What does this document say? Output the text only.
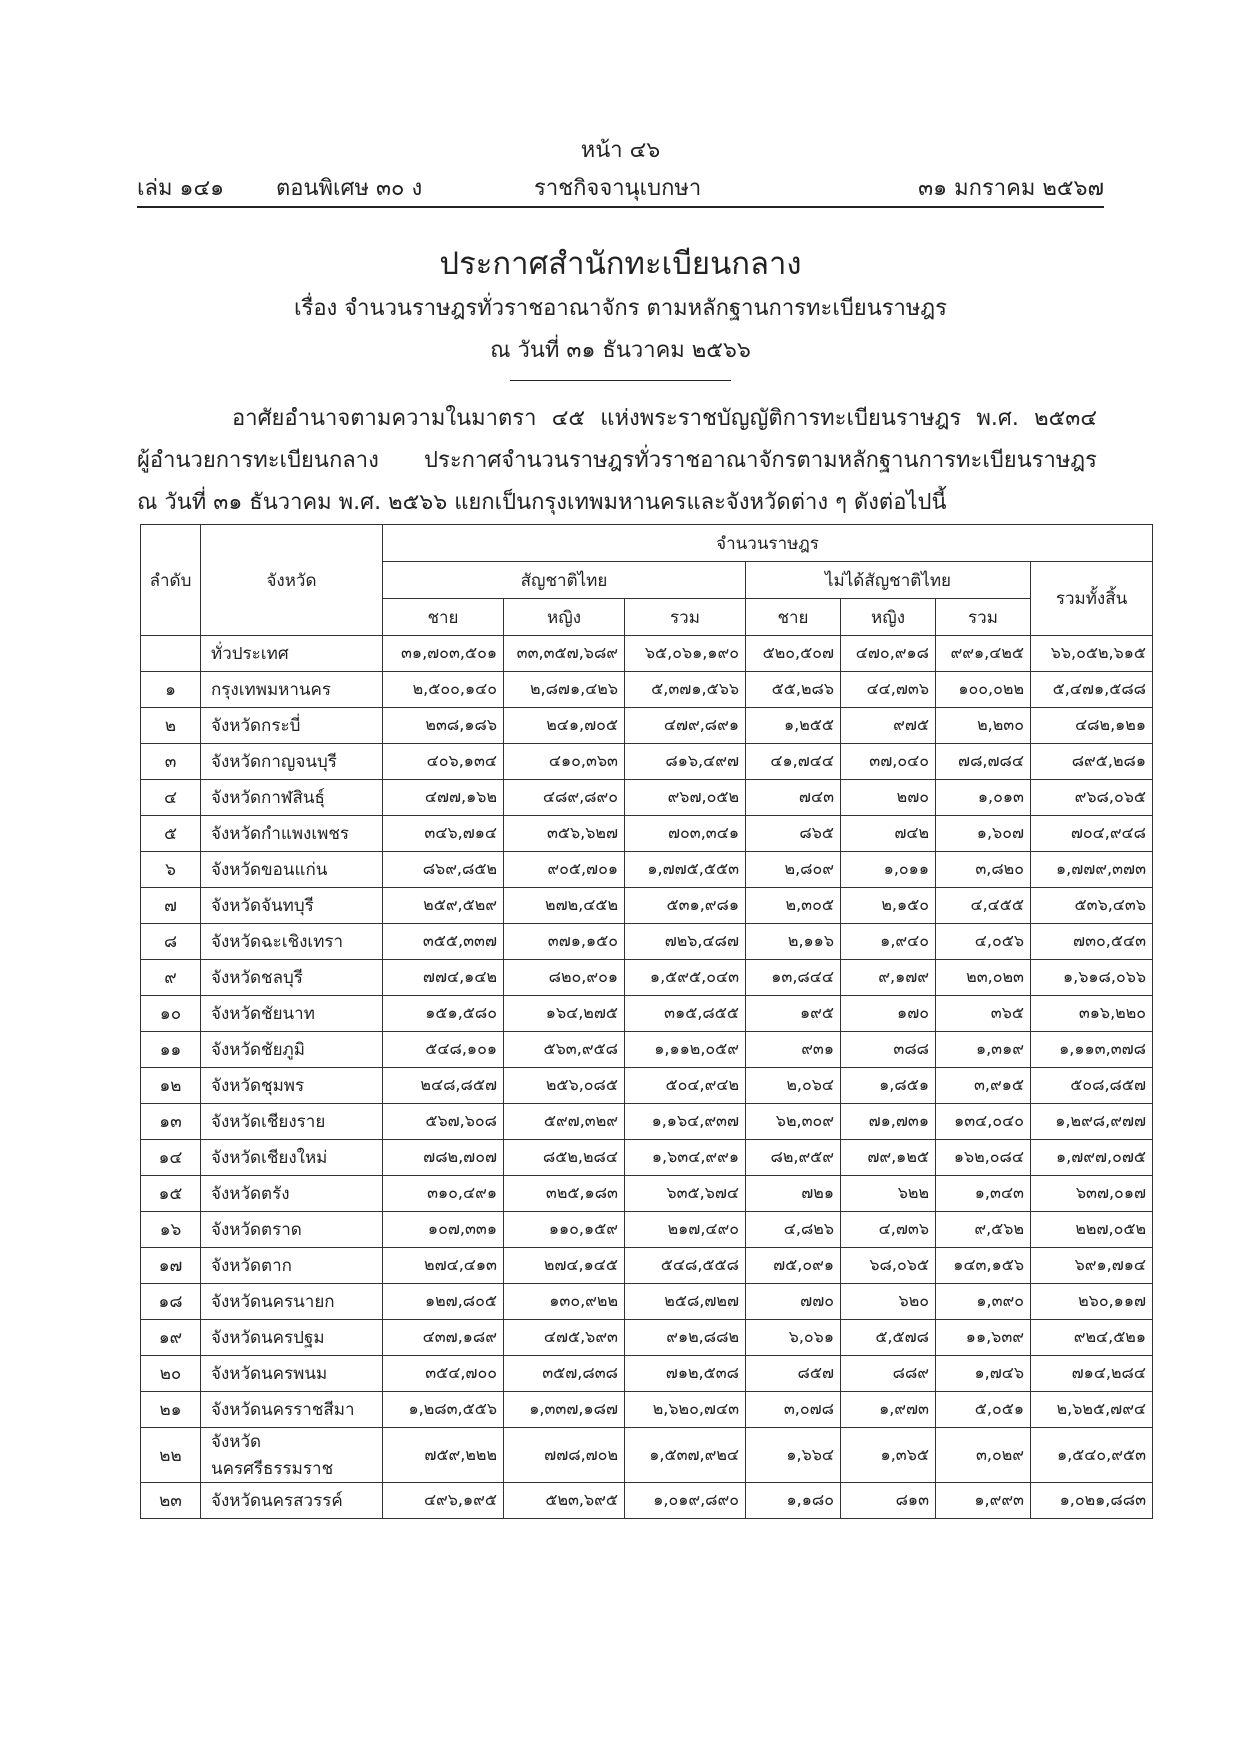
หน้า ๔๖
เล่ม ๑๔๑ ตอนพิเศษ ๓๐ ง	ราชกิจจานุเบกษา	๓๑ มกราคม ๒๕๖๗
ประกาศสำนักทะเบียนกลาง
เรื่อง จำนวนราษฎรทั่วราชอาณาจักร ตามหลักฐานการทะเบียนราษฎร
ณ วันที่ ๓๑ ธันวาคม ๒๕๖๖
อาศัยอำนาจตามความในมาตรา ๔๕ แห่งพระราชบัญญัติการทะเบียนราษฎร พ.ศ. ๒๕๓๔
ผู้อำนวยการทะเบียนกลาง ประกาศจำนวนราษฎรทั่วราชอาณาจักรตามหลักฐานการทะเบียนราษฎร
ณ วันที่ ๓๑ ธันวาคม พ.ศ. ๒๕๖๖ แยกเป็นกรุงเทพมหานครและจังหวัดต่าง ๆ ดังต่อไปนี้
ลำดับ	จังหวัด	จำนวนราษฎร						
		สัญชาติไทย			ไม่ได้สัญชาติไทย			รวมทั้งสิ้น
		ชาย	หญิง	รวม	ชาย	หญิง	รวม	
	ทั่วประเทศ	๓๑,๗๐๓,๕๐๑	๓๓,๓๕๗,๖๘๙	๖๕,๐๖๑,๑๙๐	๕๒๐,๕๐๗	๔๗๐,๙๑๘	๙๙๑,๔๒๕	๖๖,๐๕๒,๖๑๕
๑	กรุงเทพมหานคร	๒,๕๐๐,๑๔๐	๒,๘๗๑,๔๒๖	๕,๓๗๑,๕๖๖	๕๕,๒๘๖	๔๔,๗๓๖	๑๐๐,๐๒๒	๕,๔๗๑,๕๘๘
๒	จังหวัดกระบี่	๒๓๘,๑๘๖	๒๔๑,๗๐๕	๔๗๙,๘๙๑	๑,๒๕๕	๙๗๕	๒,๒๓๐	๔๘๒,๑๒๑
๓	จังหวัดกาญจนบุรี	๔๐๖,๑๓๔	๔๑๐,๓๖๓	๘๑๖,๔๙๗	๔๑,๗๔๔	๓๗,๐๔๐	๗๘,๗๘๔	๘๙๕,๒๘๑
๔	จังหวัดกาฬสินธุ์	๔๗๗,๑๖๒	๔๘๙,๘๙๐	๙๖๗,๐๕๒	๗๔๓	๒๗๐	๑,๐๑๓	๙๖๘,๐๖๕
๕	จังหวัดกำแพงเพชร	๓๔๖,๗๑๔	๓๕๖,๖๒๗	๗๐๓,๓๔๑	๘๖๕	๗๔๒	๑,๖๐๗	๗๐๔,๙๔๘
๖	จังหวัดขอนแก่น	๘๖๙,๘๕๒	๙๐๕,๗๐๑	๑,๗๗๕,๕๕๓	๒,๘๐๙	๑,๐๑๑	๓,๘๒๐	๑,๗๗๙,๓๗๓
๗	จังหวัดจันทบุรี	๒๕๙,๕๒๙	๒๗๒,๔๕๒	๕๓๑,๙๘๑	๒,๓๐๕	๒,๑๕๐	๔,๔๕๕	๕๓๖,๔๓๖
๘	จังหวัดฉะเชิงเทรา	๓๕๕,๓๓๗	๓๗๑,๑๕๐	๗๒๖,๔๘๗	๒,๑๑๖	๑,๙๔๐	๔,๐๕๖	๗๓๐,๕๔๓
๙	จังหวัดชลบุรี	๗๗๔,๑๔๒	๘๒๐,๙๐๑	๑,๕๙๕,๐๔๓	๑๓,๘๔๔	๙,๑๗๙	๒๓,๐๒๓	๑,๖๑๘,๐๖๖
๑๐	จังหวัดชัยนาท	๑๕๑,๕๘๐	๑๖๔,๒๗๕	๓๑๕,๘๕๕	๑๙๕	๑๗๐	๓๖๕	๓๑๖,๒๒๐
๑๑	จังหวัดชัยภูมิ	๕๔๘,๑๐๑	๕๖๓,๙๕๘	๑,๑๑๒,๐๕๙	๙๓๑	๓๘๘	๑,๓๑๙	๑,๑๑๓,๓๗๘
๑๒	จังหวัดชุมพร	๒๔๘,๘๕๗	๒๕๖,๐๘๕	๕๐๔,๙๔๒	๒,๐๖๔	๑,๘๕๑	๓,๙๑๕	๕๐๘,๘๕๗
๑๓	จังหวัดเชียงราย	๕๖๗,๖๐๘	๕๙๗,๓๒๙	๑,๑๖๔,๙๓๗	๖๒,๓๐๙	๗๑,๗๓๑	๑๓๔,๐๔๐	๑,๒๙๘,๙๗๗
๑๔	จังหวัดเชียงใหม่	๗๘๒,๗๐๗	๘๕๒,๒๘๔	๑,๖๓๔,๙๙๑	๘๒,๙๕๙	๗๙,๑๒๕	๑๖๒,๐๘๔	๑,๗๙๗,๐๗๕
๑๕	จังหวัดตรัง	๓๑๐,๔๙๑	๓๒๕,๑๘๓	๖๓๕,๖๗๔	๗๒๑	๖๒๒	๑,๓๔๓	๖๓๗,๐๑๗
๑๖	จังหวัดตราด	๑๐๗,๓๓๑	๑๑๐,๑๕๙	๒๑๗,๔๙๐	๔,๘๒๖	๔,๗๓๖	๙,๕๖๒	๒๒๗,๐๕๒
๑๗	จังหวัดตาก	๒๗๔,๔๑๓	๒๗๔,๑๔๕	๕๔๘,๕๕๘	๗๕,๐๙๑	๖๘,๐๖๕	๑๔๓,๑๕๖	๖๙๑,๗๑๔
๑๘	จังหวัดนครนายก	๑๒๗,๘๐๕	๑๓๐,๙๒๒	๒๕๘,๗๒๗	๗๗๐	๖๒๐	๑,๓๙๐	๒๖๐,๑๑๗
๑๙	จังหวัดนครปฐม	๔๓๗,๑๘๙	๔๗๕,๖๙๓	๙๑๒,๘๘๒	๖,๐๖๑	๕,๕๗๘	๑๑,๖๓๙	๙๒๔,๕๒๑
๒๐	จังหวัดนครพนม	๓๕๔,๗๐๐	๓๕๗,๘๓๘	๗๑๒,๕๓๘	๘๕๗	๘๘๙	๑,๗๔๖	๗๑๔,๒๘๔
๒๑	จังหวัดนครราชสีมา	๑,๒๘๓,๕๕๖	๑,๓๓๗,๑๘๗	๒,๖๒๐,๗๔๓	๓,๐๗๘	๑,๙๗๓	๕,๐๕๑	๒,๖๒๕,๗๙๔
๒๒	จังหวัดนครศรีธรรมราช	๗๕๙,๒๒๒	๗๗๘,๗๐๒	๑,๕๓๗,๙๒๔	๑,๖๖๔	๑,๓๖๕	๓,๐๒๙	๑,๕๔๐,๙๕๓
๒๓	จังหวัดนครสวรรค์	๔๙๖,๑๙๕	๕๒๓,๖๙๕	๑,๐๑๙,๘๙๐	๑,๑๘๐	๘๑๓	๑,๙๙๓	๑,๐๒๑,๘๘๓
